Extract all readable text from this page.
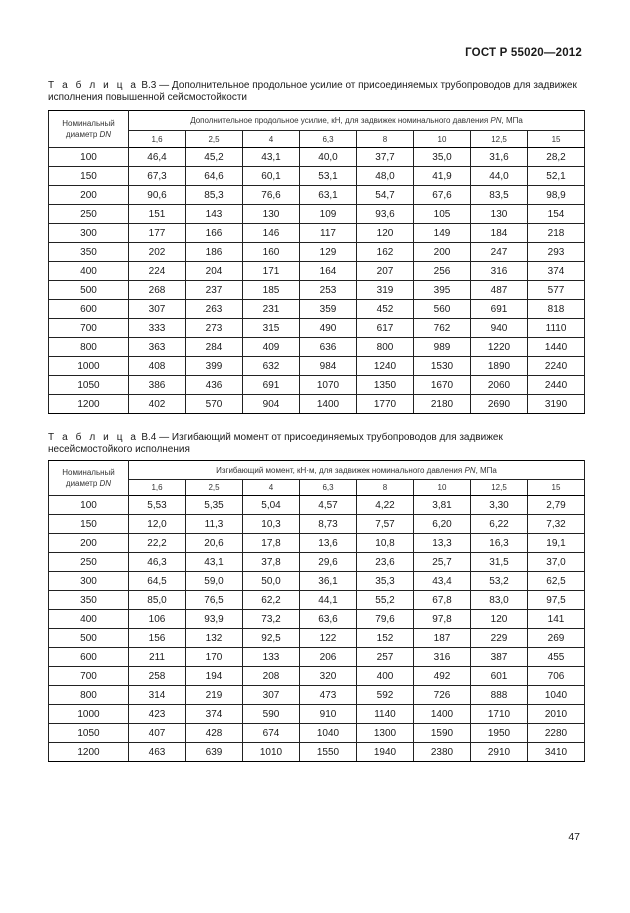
ГОСТ Р 55020—2012
Т а б л и ц а В.3 — Дополнительное продольное усилие от присоединяемых трубопроводов для задвижек исполнения повышенной сейсмостойкости
Номинальный диаметр DN	Дополнительное продольное усилие, кН, для задвижек номинального давления PN, МПа							
	1,6	2,5	4	6,3	8	10	12,5	15
100	46,4	45,2	43,1	40,0	37,7	35,0	31,6	28,2
150	67,3	64,6	60,1	53,1	48,0	41,9	44,0	52,1
200	90,6	85,3	76,6	63,1	54,7	67,6	83,5	98,9
250	151	143	130	109	93,6	105	130	154
300	177	166	146	117	120	149	184	218
350	202	186	160	129	162	200	247	293
400	224	204	171	164	207	256	316	374
500	268	237	185	253	319	395	487	577
600	307	263	231	359	452	560	691	818
700	333	273	315	490	617	762	940	1110
800	363	284	409	636	800	989	1220	1440
1000	408	399	632	984	1240	1530	1890	2240
1050	386	436	691	1070	1350	1670	2060	2440
1200	402	570	904	1400	1770	2180	2690	3190
Т а б л и ц а В.4 — Изгибающий момент от присоединяемых трубопроводов для задвижек несейсмостойкого исполнения
Номинальный диаметр DN	Изгибающий момент, кН·м, для задвижек номинального давления PN, МПа							
	1,6	2,5	4	6,3	8	10	12,5	15
100	5,53	5,35	5,04	4,57	4,22	3,81	3,30	2,79
150	12,0	11,3	10,3	8,73	7,57	6,20	6,22	7,32
200	22,2	20,6	17,8	13,6	10,8	13,3	16,3	19,1
250	46,3	43,1	37,8	29,6	23,6	25,7	31,5	37,0
300	64,5	59,0	50,0	36,1	35,3	43,4	53,2	62,5
350	85,0	76,5	62,2	44,1	55,2	67,8	83,0	97,5
400	106	93,9	73,2	63,6	79,6	97,8	120	141
500	156	132	92,5	122	152	187	229	269
600	211	170	133	206	257	316	387	455
700	258	194	208	320	400	492	601	706
800	314	219	307	473	592	726	888	1040
1000	423	374	590	910	1140	1400	1710	2010
1050	407	428	674	1040	1300	1590	1950	2280
1200	463	639	1010	1550	1940	2380	2910	3410
47
